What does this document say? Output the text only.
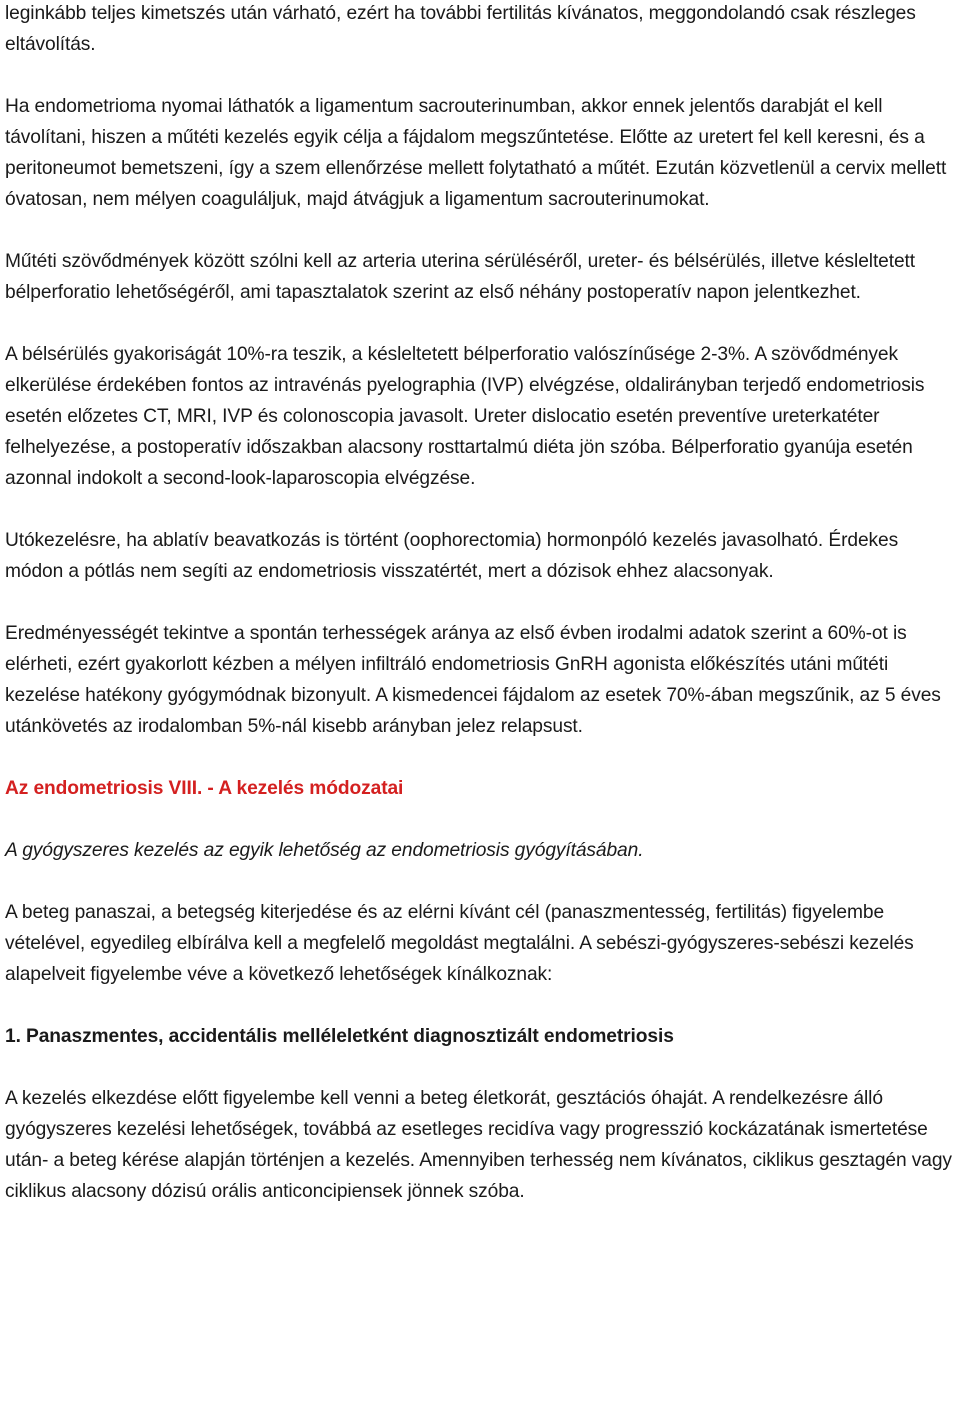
leginkább teljes kimetszés után várható, ezért ha további fertilitás kívánatos, meggondolandó csak részleges eltávolítás.

Ha endometrioma nyomai láthatók a ligamentum sacrouterinumban, akkor ennek jelentős darabját el kell távolítani, hiszen a műtéti kezelés egyik célja a fájdalom megszűntetése. Előtte az uretert fel kell keresni, és a peritoneumot bemetszeni, így a szem ellenőrzése mellett folytatható a műtét. Ezután közvetlenül a cervix mellett óvatosan, nem mélyen coaguláljuk, majd átvágjuk a ligamentum sacrouterinumokat.

Műtéti szövődmények között szólni kell az arteria uterina sérüléséről, ureter- és bélsérülés, illetve késleltetett bélperforatio lehetőségéről, ami tapasztalatok szerint az első néhány postoperatív napon jelentkezhet.

A bélsérülés gyakoriságát 10%-ra teszik, a késleltetett bélperforatio valószínűsége 2-3%. A szövődmények elkerülése érdekében fontos az intravénás pyelographia (IVP) elvégzése, oldalirányban terjedő endometriosis esetén előzetes CT, MRI, IVP és colonoscopia javasolt. Ureter dislocatio esetén preventíve ureterkatéter felhelyezése, a postoperatív időszakban alacsony rosttartalmú diéta jön szóba. Bélperforatio gyanúja esetén azonnal indokolt a second-look-laparoscopia elvégzése.

Utókezelésre, ha ablatív beavatkozás is történt (oophorectomia) hormonpóló kezelés javasolható. Érdekes módon a pótlás nem segíti az endometriosis visszatértét, mert a dózisok ehhez alacsonyak.

Eredményességét tekintve a spontán terhességek aránya az első évben irodalmi adatok szerint a 60%-ot is elérheti, ezért gyakorlott kézben a mélyen infiltráló endometriosis GnRH agonista előkészítés utáni műtéti kezelése hatékony gyógymódnak bizonyult. A kismedencei fájdalom az esetek 70%-ában megszűnik, az 5 éves utánkövetés az irodalomban 5%-nál kisebb arányban jelez relapsust.

Az endometriosis VIII. - A kezelés módozatai

A gyógyszeres kezelés az egyik lehetőség az endometriosis gyógyításában.

A beteg panaszai, a betegség kiterjedése és az elérni kívánt cél (panaszmentesség, fertilitás) figyelembe vételével, egyedileg elbírálva kell a megfelelő megoldást megtalálni. A sebészi-gyógyszeres-sebészi kezelés alapelveit figyelembe véve a következő lehetőségek kínálkoznak:

1. Panaszmentes, accidentális melléleletként diagnosztizált endometriosis

A kezelés elkezdése előtt figyelembe kell venni a beteg életkorát, gesztációs óhaját. A rendelkezésre álló gyógyszeres kezelési lehetőségek, továbbá az esetleges recidíva vagy progresszió kockázatának ismertetése után- a beteg kérése alapján történjen a kezelés. Amennyiben terhesség nem kívánatos, ciklikus gesztagén vagy ciklikus alacsony dózisú orális anticoncipiensek jönnek szóba.
